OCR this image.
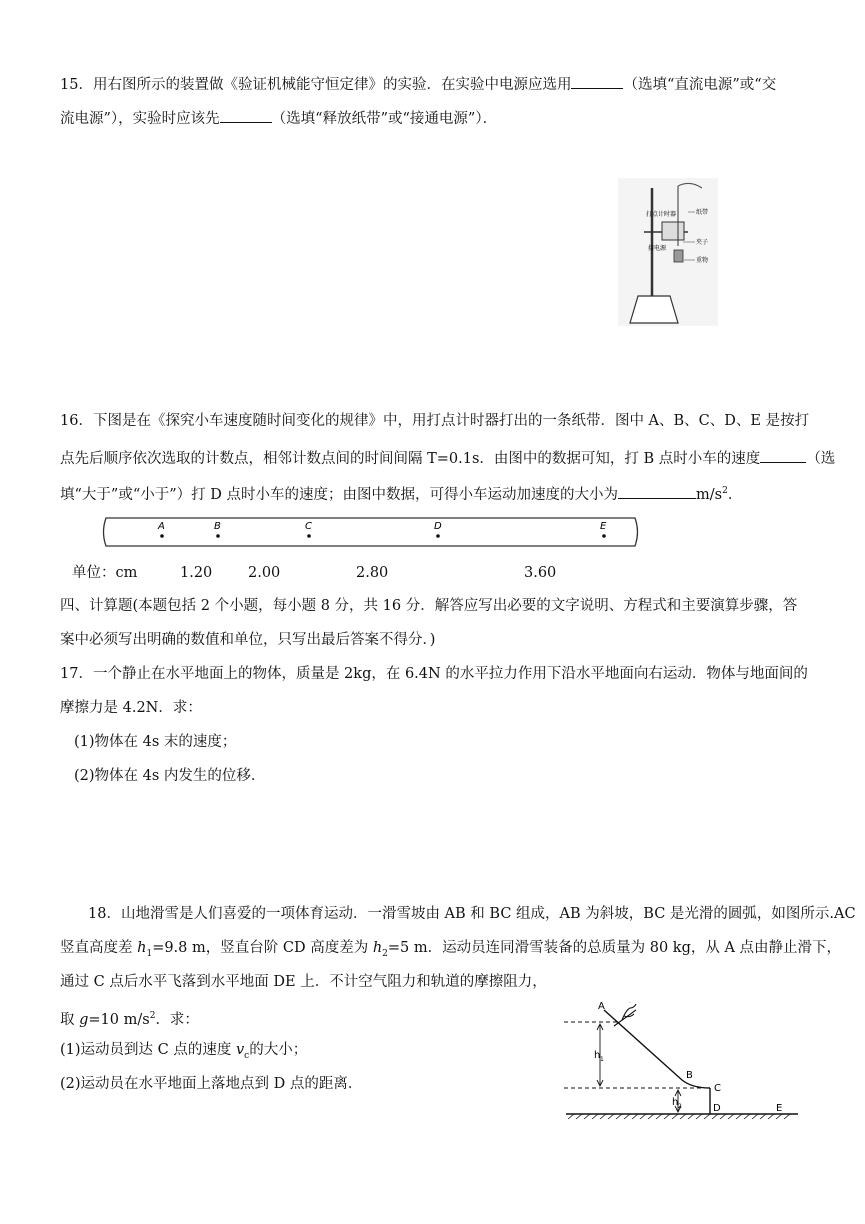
15．用右图所示的装置做《验证机械能守恒定律》的实验．在实验中电源应选用	（选填“直流电源”或“交
流电源”），实验时应该先	（选填“释放纸带”或“接通电源”）．
打点计时器	纸带
夹子
重物
接电源
16．下图是在《探究小车速度随时间变化的规律》中，用打点计时器打出的一条纸带．图中 A、B、C、D、E 是按打
点先后顺序依次选取的计数点，相邻计数点间的时间间隔 T=0.1s．由图中的数据可知，打 B 点时小车的速度	（选
填“大于”或“小于”）打 D 点时小车的速度；由图中数据，可得小车运动加速度的大小为	$m/s^2$．
A	B	C	D	E
单位：cm	1.20 2.00	2.80	3.60
四、计算题(本题包括 2 个小题，每小题 8 分，共 16 分．解答应写出必要的文字说明、方程式和主要演算步骤，答
案中必须写出明确的数值和单位，只写出最后答案不得分．)
17．一个静止在水平地面上的物体，质量是 2kg，在 6.4N 的水平拉力作用下沿水平地面向右运动．物体与地面间的
摩擦力是 4.2N．求：
(1)物体在 4s 末的速度；
(2)物体在 4s 内发生的位移．
18．山地滑雪是人们喜爱的一项体育运动．一滑雪坡由 AB 和 BC 组成，AB 为斜坡，BC 是光滑的圆弧，如图所示.AC
竖直高度差 $h_1=9.8$ m，竖直台阶 CD 高度差为 $h_2=5$ m．运动员连同滑雪装备的总质量为 80 kg，从 A 点由静止滑下，
通过 C 点后水平飞落到水平地面 DE 上．不计空气阻力和轨道的摩擦阻力，
取 g=10 $m/s^2$．求：
(1)运动员到达 C 点的速度 $v_c$的大小；
(2)运动员在水平地面上落地点到 D 点的距离．
h 1
h 2
A
B
C
D	E
